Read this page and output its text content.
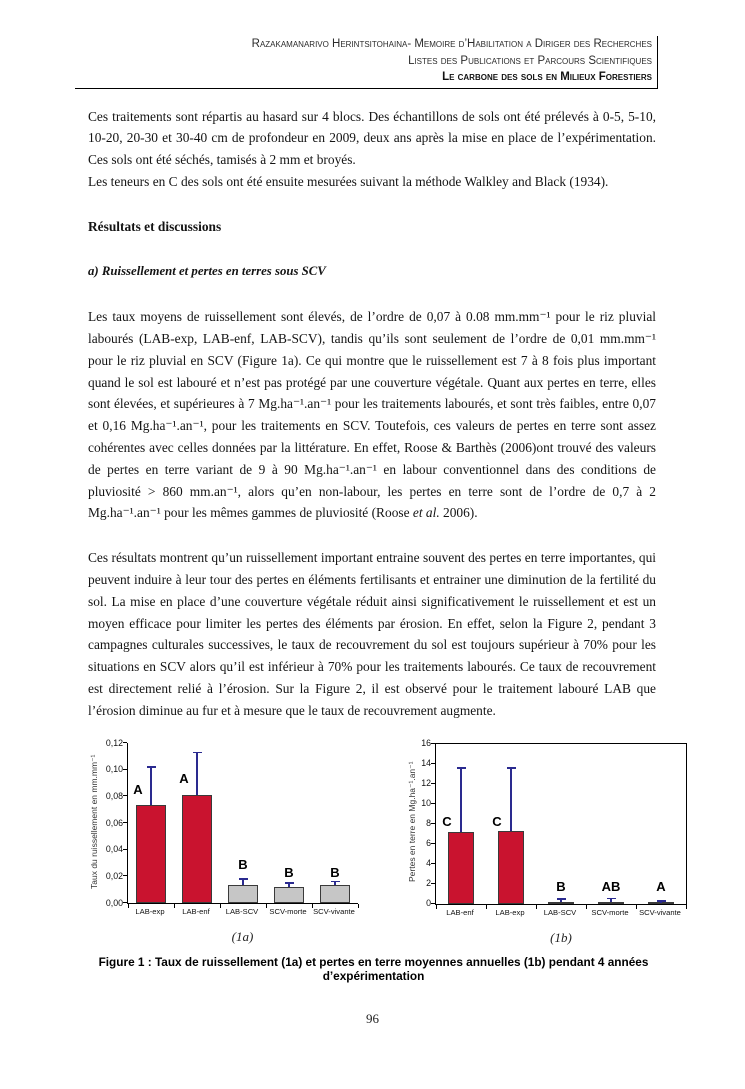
Razakamanarivo Herintsitohaina- Memoire d’Habilitation a Diriger des Recherches
Listes des Publications et Parcours Scientifiques
Le carbone des sols en Milieux Forestiers

Ces traitements sont répartis au hasard sur 4 blocs. Des échantillons de sols ont été prélevés à 0-5, 5-10, 10-20, 20-30 et 30-40 cm de profondeur en 2009, deux ans après la mise en place de l’expérimentation. Ces sols ont été séchés, tamisés à 2 mm et broyés.

Les teneurs en C des sols ont été ensuite mesurées suivant la méthode Walkley and Black (1934).

Résultats et discussions

a) Ruissellement et pertes en terres sous SCV

Les taux moyens de ruissellement sont élevés, de l’ordre de 0,07 à 0.08 mm.mm⁻¹ pour le riz pluvial labourés (LAB-exp, LAB-enf, LAB-SCV), tandis qu’ils sont seulement de l’ordre de 0,01 mm.mm⁻¹ pour le riz pluvial en SCV (Figure 1a). Ce qui montre que le ruissellement est 7 à 8 fois plus important quand le sol est labouré et n’est pas protégé par une couverture végétale. Quant aux pertes en terre, elles sont élevées, et supérieures à 7 Mg.ha⁻¹.an⁻¹ pour les traitements labourés, et sont très faibles, entre 0,07 et 0,16 Mg.ha⁻¹.an⁻¹, pour les traitements en SCV. Toutefois, ces valeurs de pertes en terre sont assez cohérentes avec celles données par la littérature. En effet, Roose & Barthès (2006)ont trouvé des valeurs de pertes en terre variant de 9 à 90 Mg.ha⁻¹.an⁻¹ en labour conventionnel dans des conditions de pluviosité > 860 mm.an⁻¹, alors qu’en non-labour, les pertes en terre sont de l’ordre de 0,7 à 2 Mg.ha⁻¹.an⁻¹ pour les mêmes gammes de pluviosité (Roose et al. 2006).

Ces résultats montrent qu’un ruissellement important entraine souvent des pertes en terre importantes, qui peuvent induire à leur tour des pertes en éléments fertilisants et entrainer une diminution de la fertilité du sol. La mise en place d’une couverture végétale réduit ainsi significativement le ruissellement et est un moyen efficace pour limiter les pertes des éléments par érosion. En effet, selon la Figure 2, pendant 3 campagnes culturales successives, le taux de recouvrement du sol est toujours supérieur à 70% pour les situations en SCV alors qu’il est inférieur à 70% pour les traitements labourés. Ce taux de recouvrement est directement relié à l’érosion. Sur la Figure 2, il est observé pour le traitement labouré LAB que l’érosion diminue au fur et à mesure que le taux de recouvrement augmente.

Taux du ruissellement en mm.mm⁻¹
0,00
0,02
0,04
0,06
0,08
0,10
0,12
A
A
B
B	B
LAB-exp LAB-enf LAB-SCV SCV-morte SCV-vivante
(1a)
Pertes en terre en Mg.ha⁻¹.an⁻¹
0
2
4
6
8
10
12
14
16
C	C
B	AB	A
LAB-enf	LAB-exp	LAB-SCV SCV-morte SCV-vivante
(1b)
Figure 1 : Taux de ruissellement (1a) et pertes en terre moyennes annuelles (1b) pendant 4 années d’expérimentation
96
